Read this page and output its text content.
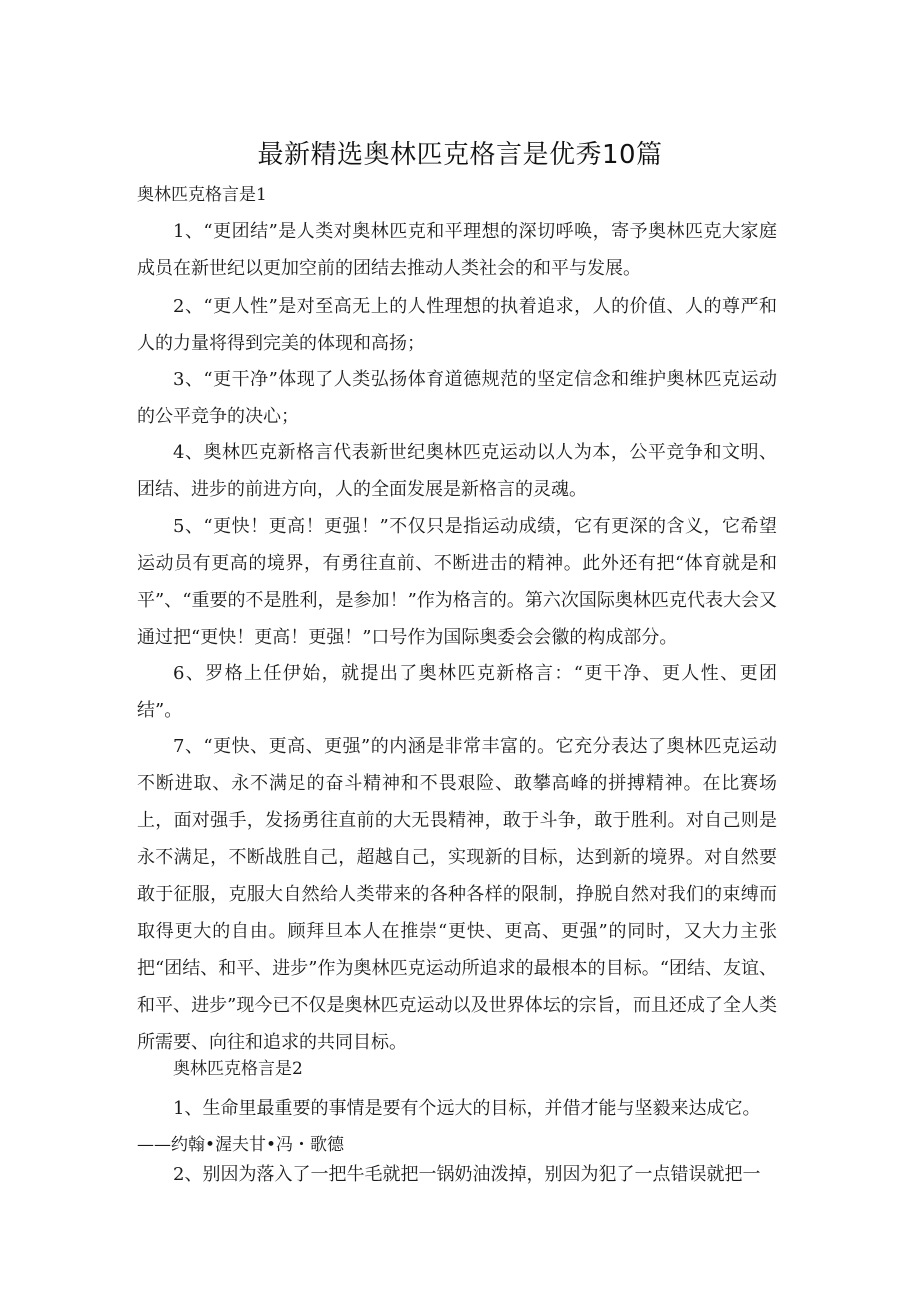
最新精选奥林匹克格言是优秀10篇
奥林匹克格言是1

1、“更团结”是人类对奥林匹克和平理想的深切呼唤，寄予奥林匹克大家庭成员在新世纪以更加空前的团结去推动人类社会的和平与发展。

2、“更人性”是对至高无上的人性理想的执着追求，人的价值、人的尊严和人的力量将得到完美的体现和高扬；

3、“更干净”体现了人类弘扬体育道德规范的坚定信念和维护奥林匹克运动的公平竞争的决心；

4、奥林匹克新格言代表新世纪奥林匹克运动以人为本，公平竞争和文明、团结、进步的前进方向，人的全面发展是新格言的灵魂。

5、“更快！更高！更强！”不仅只是指运动成绩，它有更深的含义，它希望运动员有更高的境界，有勇往直前、不断进击的精神。此外还有把“体育就是和平”、“重要的不是胜利，是参加！”作为格言的。第六次国际奥林匹克代表大会又通过把“更快！更高！更强！”口号作为国际奥委会会徽的构成部分。

6、罗格上任伊始，就提出了奥林匹克新格言：“更干净、更人性、更团结”。

7、“更快、更高、更强”的内涵是非常丰富的。它充分表达了奥林匹克运动不断进取、永不满足的奋斗精神和不畏艰险、敢攀高峰的拼搏精神。在比赛场上，面对强手，发扬勇往直前的大无畏精神，敢于斗争，敢于胜利。对自己则是永不满足，不断战胜自己，超越自己，实现新的目标，达到新的境界。对自然要敢于征服，克服大自然给人类带来的各种各样的限制，挣脱自然对我们的束缚而取得更大的自由。顾拜旦本人在推崇“更快、更高、更强”的同时，又大力主张把“团结、和平、进步”作为奥林匹克运动所追求的最根本的目标。“团结、友谊、和平、进步”现今已不仅是奥林匹克运动以及世界体坛的宗旨，而且还成了全人类所需要、向往和追求的共同目标。

奥林匹克格言是2

1、生命里最重要的事情是要有个远大的目标，并借才能与坚毅来达成它。

——约翰•渥夫甘•冯・歌德

2、别因为落入了一把牛毛就把一锅奶油泼掉，别因为犯了一点错误就把一
